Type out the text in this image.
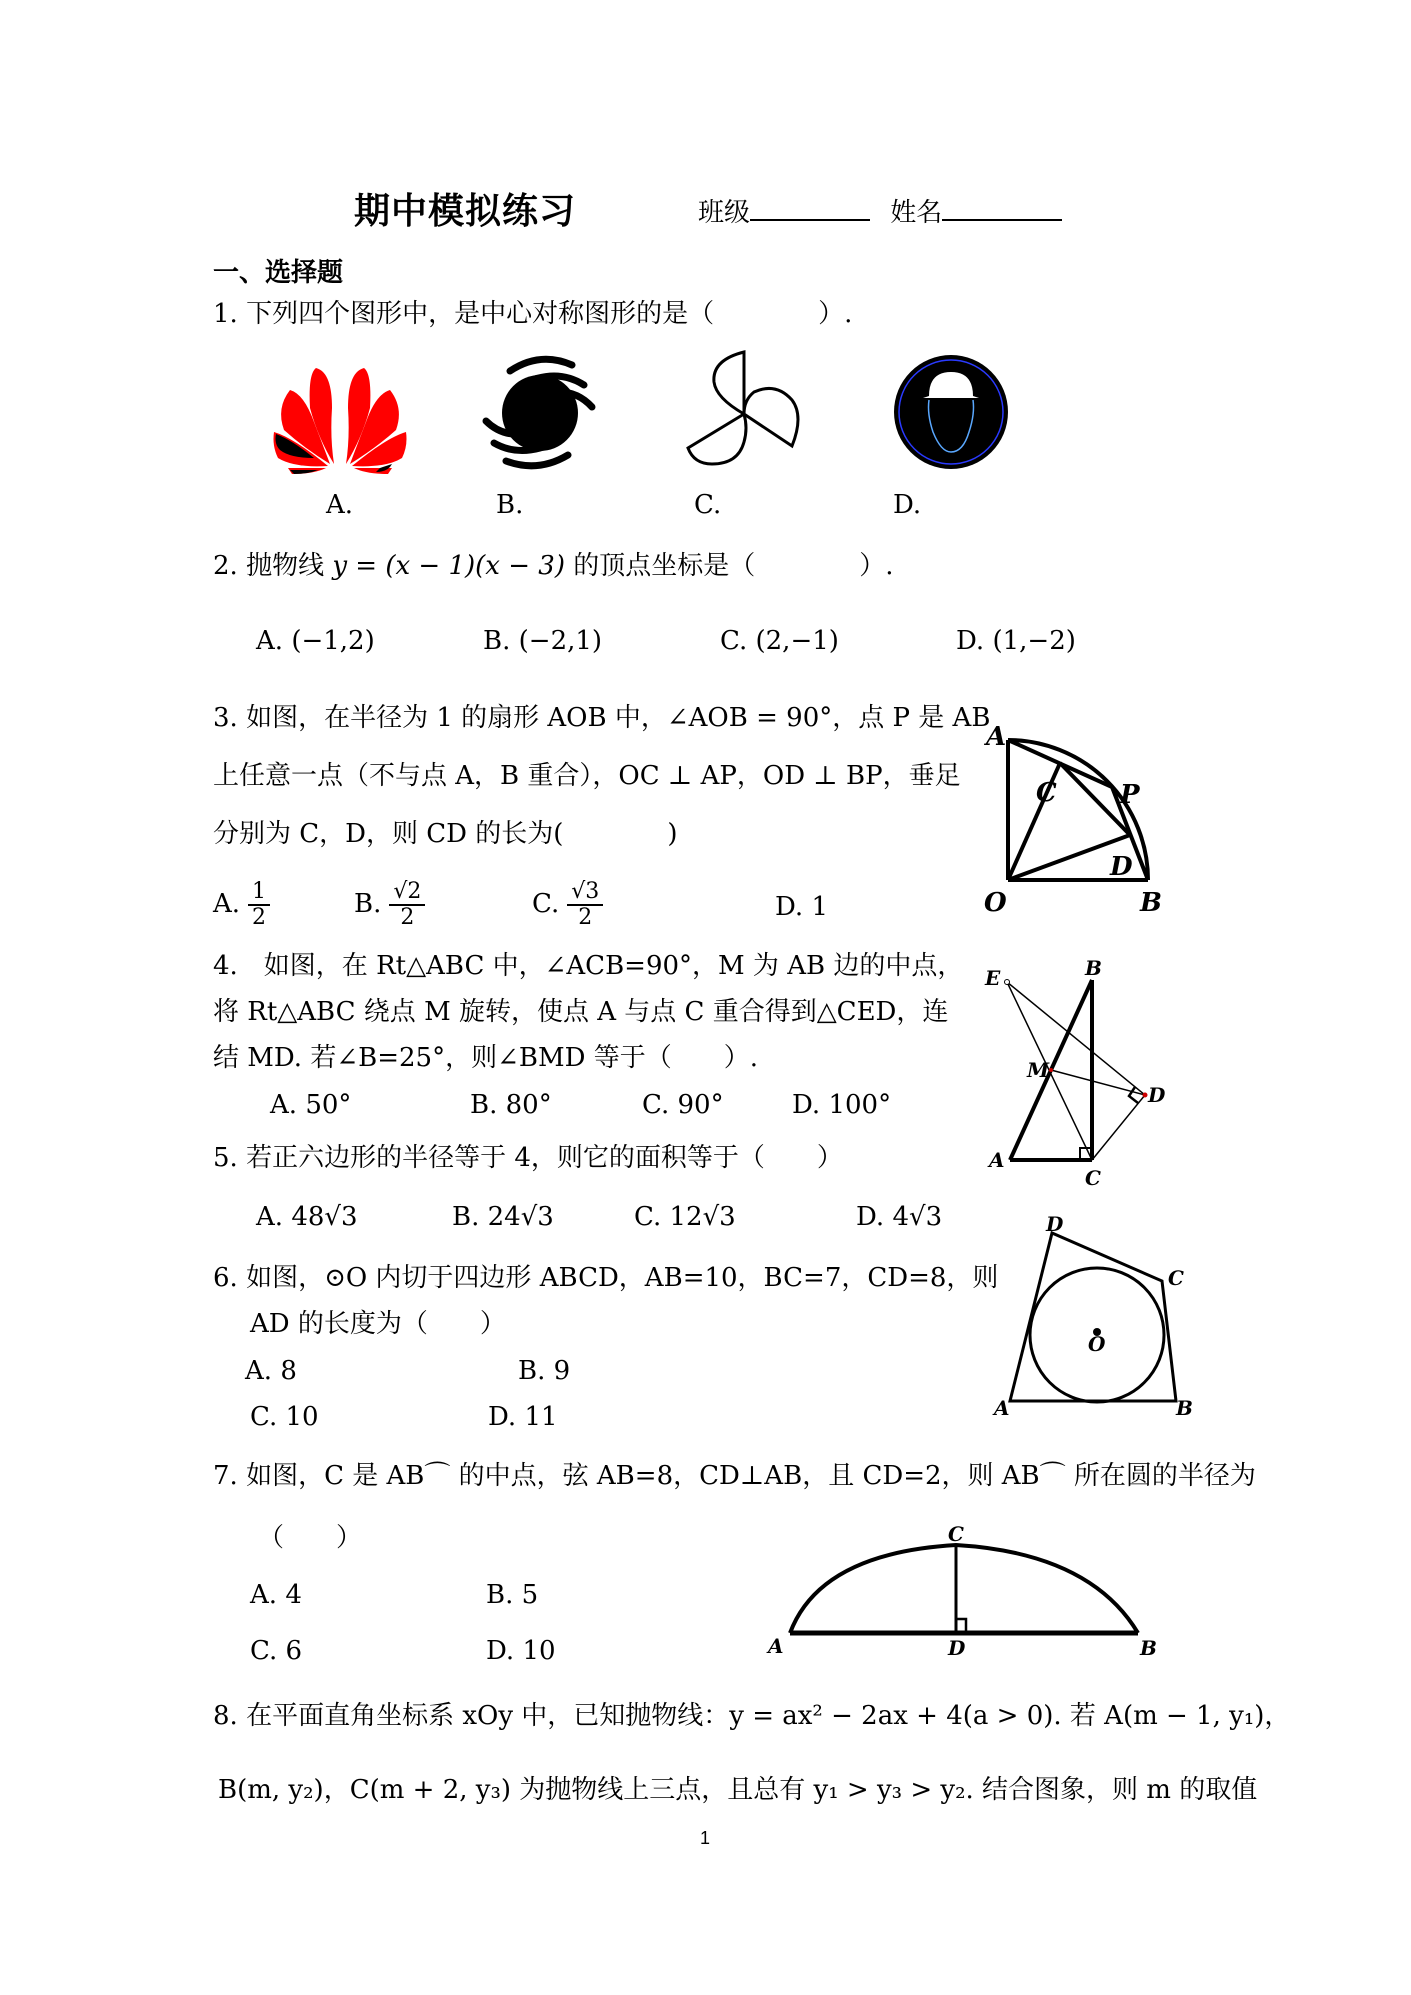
期中模拟练习	班级	姓名
一、选择题
1. 下列四个图形中，是中心对称图形的是（　　　　）.
A.	B.	C.	D.
2. 抛物线 y = (x − 1)(x − 3) 的顶点坐标是（　　　　）.
A. (−1,2)	B. (−2,1)	C. (2,−1)	D. (1,−2)
3. 如图，在半径为 1 的扇形 AOB 中，∠AOB = 90°，点 P 是 AB
上任意一点（不与点 A，B 重合），OC ⊥ AP，OD ⊥ BP，垂足
分别为 C，D，则 CD 的长为(　　　　)
A. $\frac{1}{2}$	B. $\frac{√2}{2}$	C. $\frac{√3}{2}$	D. 1
A
C P
D
O	B
4.　如图，在 Rt△ABC 中，∠ACB=90°，M 为 AB 边的中点，
将 Rt△ABC 绕点 M 旋转，使点 A 与点 C 重合得到△CED，连
结 MD. 若∠B=25°，则∠BMD 等于（　　）.
A. 50°	B. 80°	C. 90°	D. 100°
E	B
M
D
A
C
5. 若正六边形的半径等于 4，则它的面积等于（　　）
A. 48√3	B. 24√3	C. 12√3	D. 4√3
6. 如图，⊙O 内切于四边形 ABCD，AB=10，BC=7，CD=8，则
AD 的长度为（　　）
A. 8	B. 9
C. 10	D. 11
D
C
O
A	B
7. 如图，C 是 AB⌒ 的中点，弦 AB=8，CD⊥AB，且 CD=2，则 AB⌒ 所在圆的半径为
（　　）
A. 4	B. 5
C. 6	D. 10
C
A	D	B
8. 在平面直角坐标系 xOy 中，已知抛物线：y = ax² − 2ax + 4(a > 0). 若 A(m − 1, y₁)，
B(m, y₂)，C(m + 2, y₃) 为抛物线上三点，且总有 y₁ > y₃ > y₂. 结合图象，则 m 的取值
1
